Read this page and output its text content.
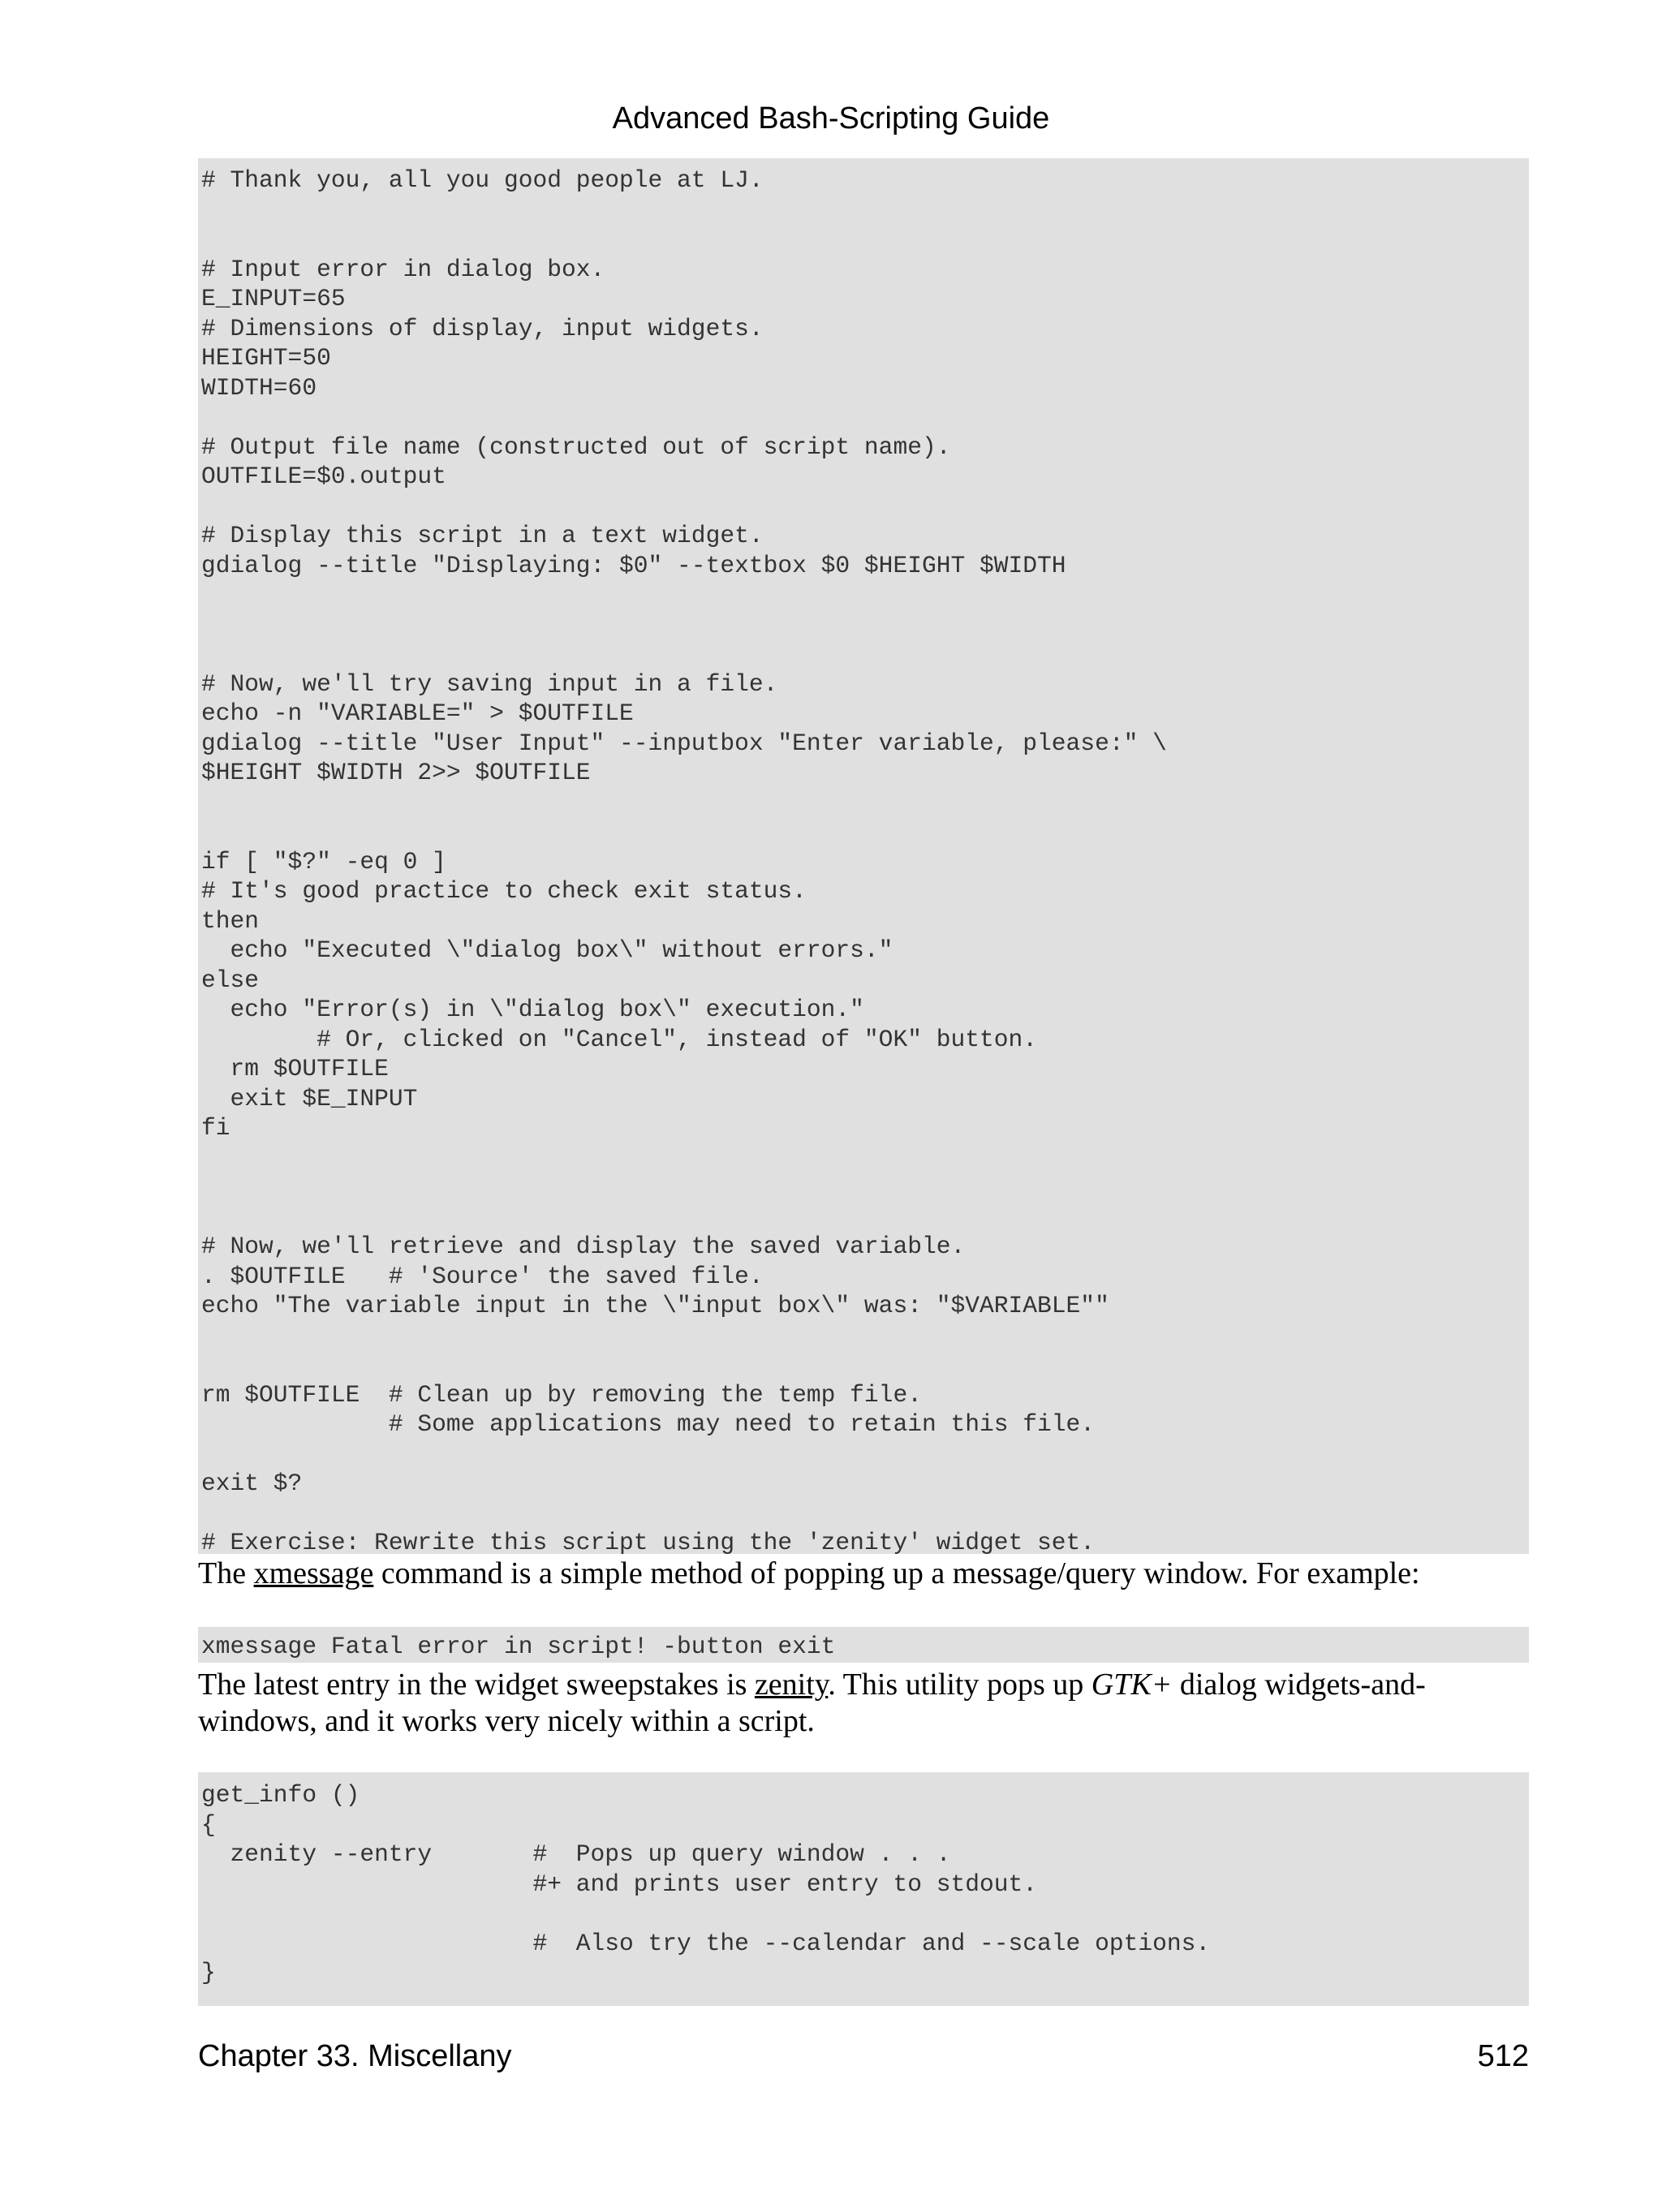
Advanced Bash-Scripting Guide
# Thank you, all you good people at LJ.

# Input error in dialog box.
E_INPUT=65
# Dimensions of display, input widgets.
HEIGHT=50
WIDTH=60

# Output file name (constructed out of script name).
OUTFILE=$0.output

# Display this script in a text widget.
gdialog --title "Displaying: $0" --textbox $0 $HEIGHT $WIDTH

# Now, we'll try saving input in a file.
echo -n "VARIABLE=" > $OUTFILE
gdialog --title "User Input" --inputbox "Enter variable, please:" \
$HEIGHT $WIDTH 2>> $OUTFILE

if [ "$?" -eq 0 ]
# It's good practice to check exit status.
then
echo "Executed \"dialog box\" without errors."
else
echo "Error(s) in \"dialog box\" execution."
# Or, clicked on "Cancel", instead of "OK" button.
rm $OUTFILE
exit $E_INPUT
fi

# Now, we'll retrieve and display the saved variable.
. $OUTFILE   # 'Source' the saved file.
echo "The variable input in the \"input box\" was: "$VARIABLE""

rm $OUTFILE  # Clean up by removing the temp file.
# Some applications may need to retain this file.

exit $?

# Exercise: Rewrite this script using the 'zenity' widget set.
The xmessage command is a simple method of popping up a message/query window. For example:
xmessage Fatal error in script! -button exit
The latest entry in the widget sweepstakes is zenity. This utility pops up GTK+ dialog widgets-and-windows, and it works very nicely within a script.
get_info ()
{
zenity --entry       #  Pops up query window . . .
#+ and prints user entry to stdout.

#  Also try the --calendar and --scale options.
}
Chapter 33. Miscellany	512
